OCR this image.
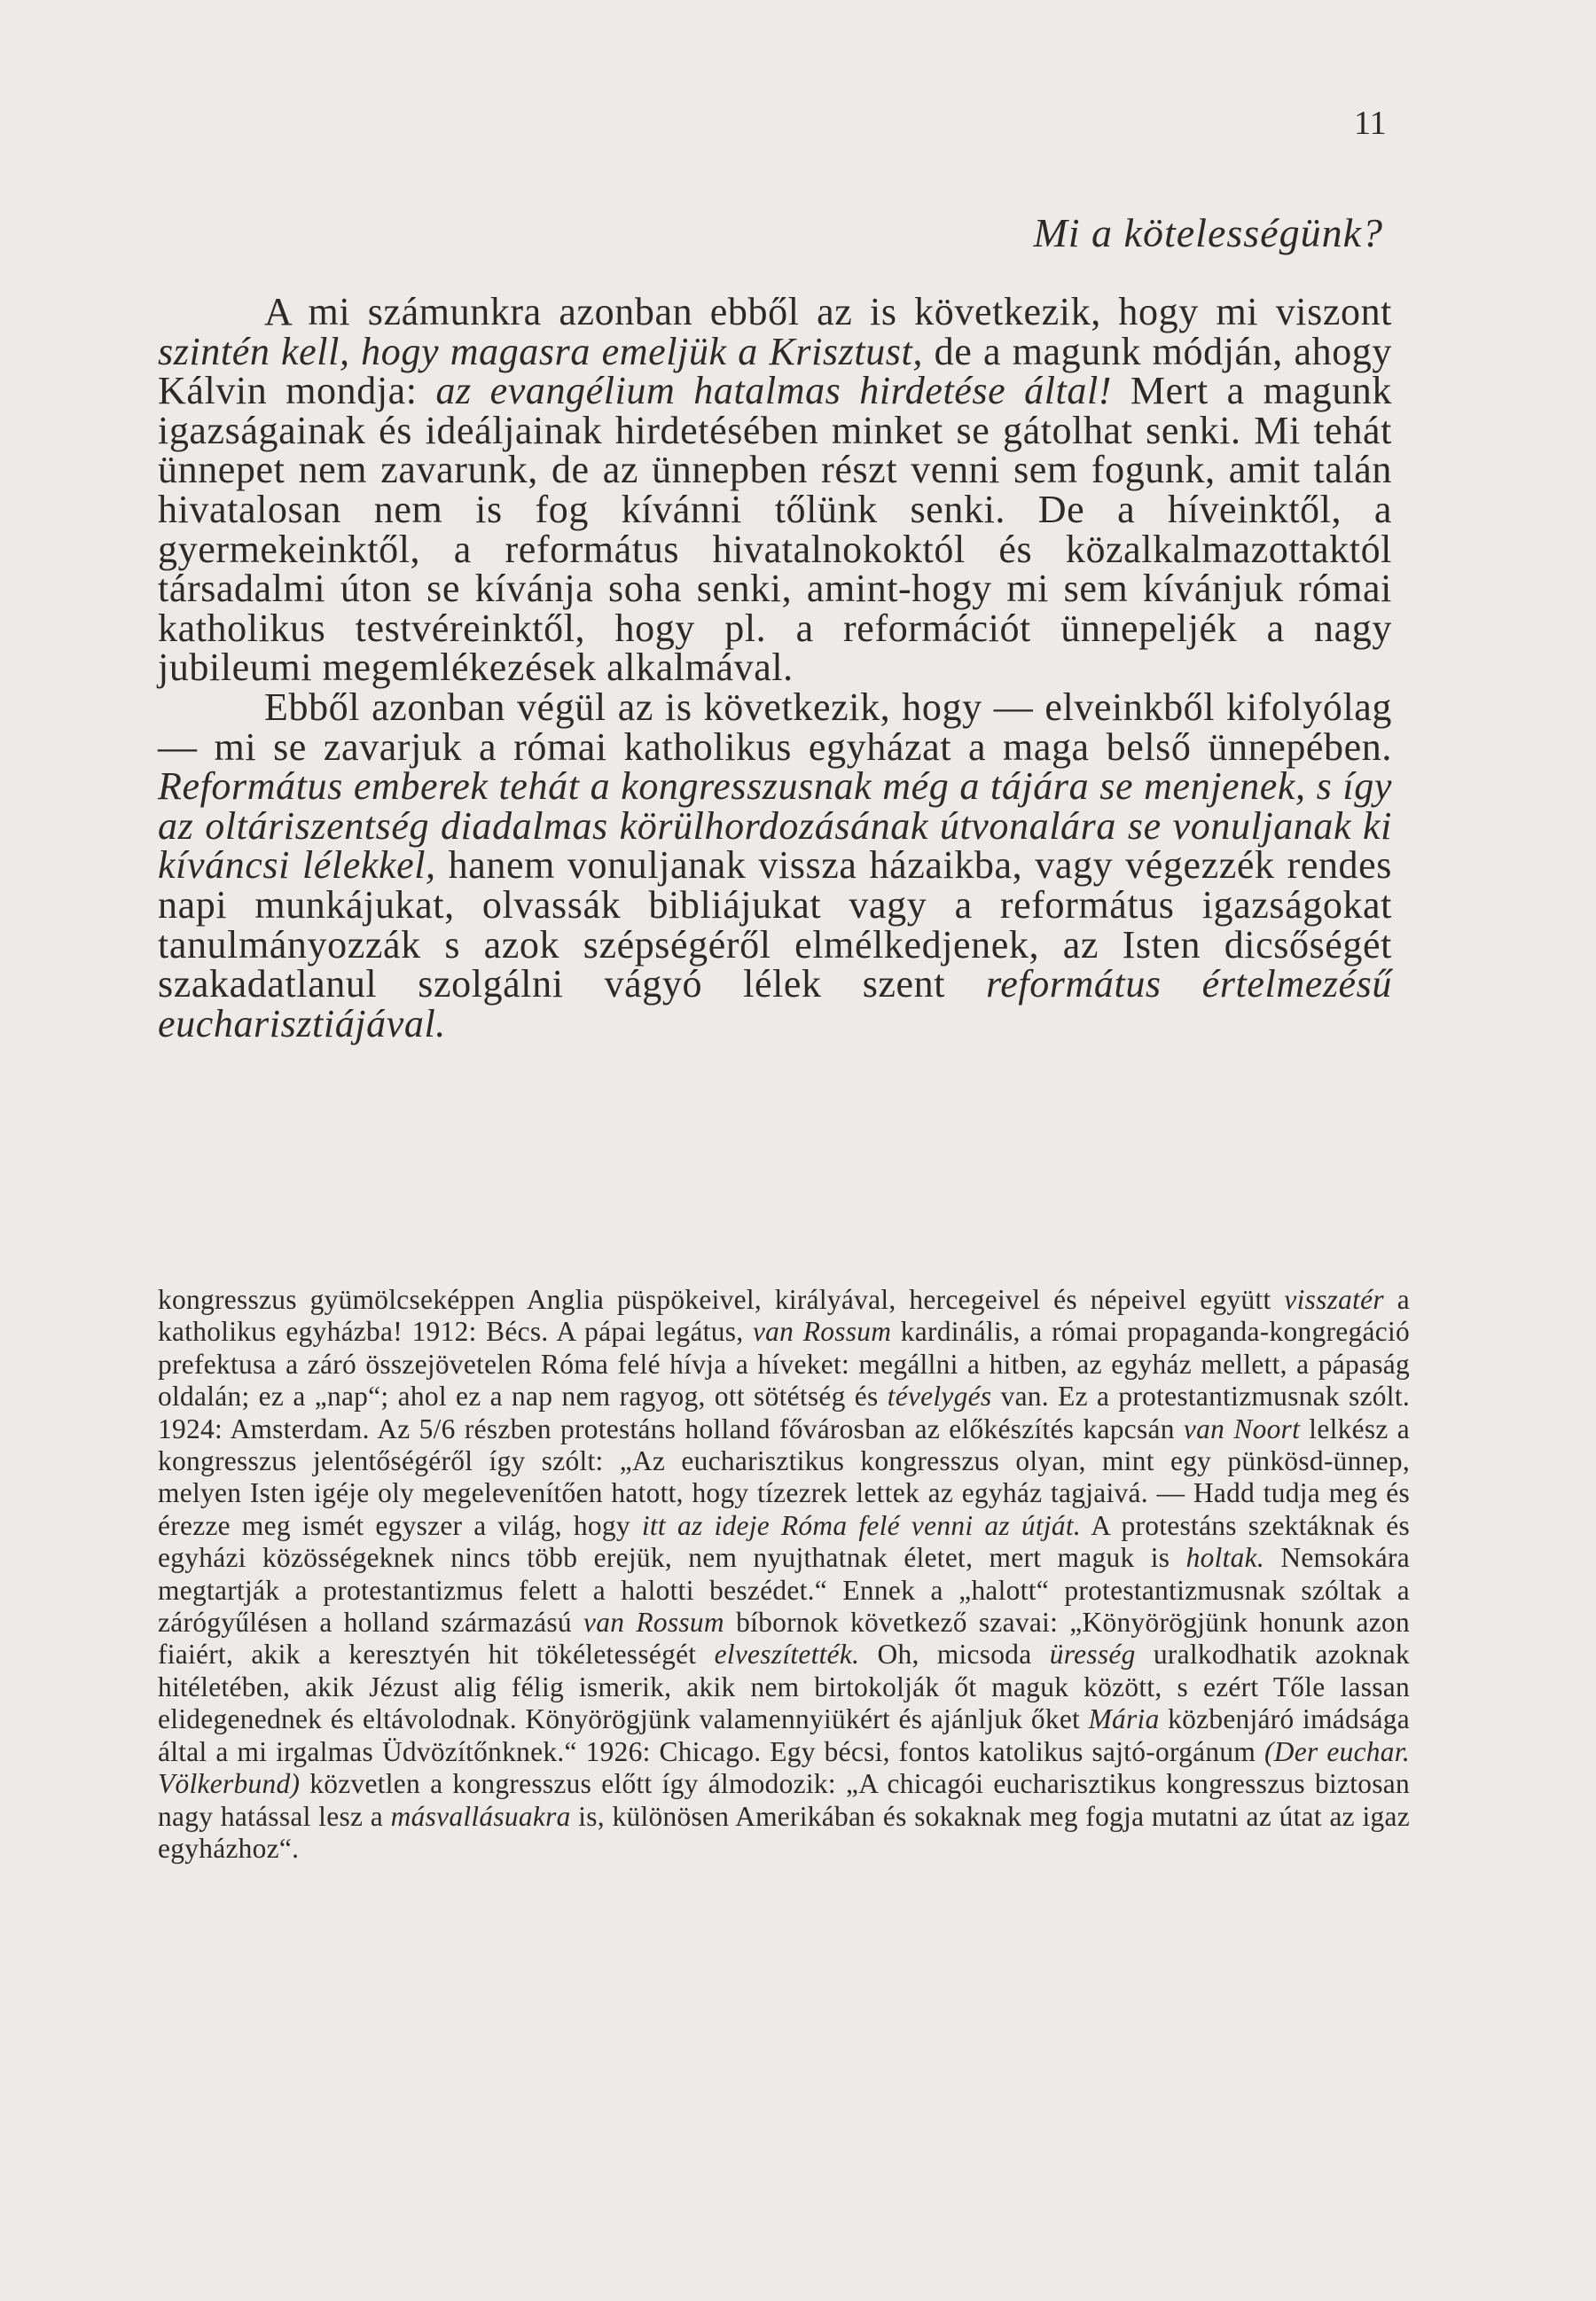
11
Mi a kötelességünk?

A mi számunkra azonban ebből az is következik, hogy mi viszont szintén kell, hogy magasra emeljük a Krisztust, de a magunk módján, ahogy Kálvin mondja: az evangélium hatalmas hirdetése által! Mert a magunk igazságainak és ideáljainak hirdetésében minket se gátolhat senki. Mi tehát ünnepet nem zavarunk, de az ünnepben részt venni sem fogunk, amit talán hivatalosan nem is fog kívánni tőlünk senki. De a híveinktől, a gyermekeinktől, a református hivatalnokoktól és közalkalmazottaktól társadalmi úton se kívánja soha senki, amint-hogy mi sem kívánjuk római katholikus testvéreinktől, hogy pl. a reformációt ünnepeljék a nagy jubileumi megemlékezések alkalmával.

Ebből azonban végül az is következik, hogy — elveinkből kifolyólag — mi se zavarjuk a római katholikus egyházat a maga belső ünnepében. Református emberek tehát a kongresszusnak még a tájára se menjenek, s így az oltáriszentség diadalmas körülhordozásának útvonalára se vonuljanak ki kíváncsi lélekkel, hanem vonuljanak vissza házaikba, vagy végezzék rendes napi munkájukat, olvassák bibliájukat vagy a református igazságokat tanulmányozzák s azok szépségéről elmélkedjenek, az Isten dicsőségét szakadatlanul szolgálni vágyó lélek szent református értelmezésű eucharisztiájával.

kongresszus gyümölcseképpen Anglia püspökeivel, királyával, hercegeivel és népeivel együtt visszatér a katholikus egyházba! 1912: Bécs. A pápai legátus, van Rossum kardinális, a római propaganda-kongregáció prefektusa a záró összejövetelen Róma felé hívja a híveket: megállni a hitben, az egyház mellett, a pápaság oldalán; ez a „nap“; ahol ez a nap nem ragyog, ott sötétség és tévelygés van. Ez a protestantizmusnak szólt. 1924: Amsterdam. Az 5/6 részben protestáns holland fővárosban az előkészítés kapcsán van Noort lelkész a kongresszus jelentőségéről így szólt: „Az eucharisztikus kongresszus olyan, mint egy pünkösd-ünnep, melyen Isten igéje oly megelevenítően hatott, hogy tízezrek lettek az egyház tagjaivá. — Hadd tudja meg és érezze meg ismét egyszer a világ, hogy itt az ideje Róma felé venni az útját. A protestáns szektáknak és egyházi közösségeknek nincs több erejük, nem nyujthatnak életet, mert maguk is holtak. Nemsokára megtartják a protestantizmus felett a halotti beszédet.“ Ennek a „halott“ protestantizmusnak szóltak a zárógyűlésen a holland származású van Rossum bíbornok következő szavai: „Könyörögjünk honunk azon fiaiért, akik a keresztyén hit tökéletességét elveszítették. Oh, micsoda üresség uralkodhatik azoknak hitéletében, akik Jézust alig félig ismerik, akik nem birtokolják őt maguk között, s ezért Tőle lassan elidegenednek és eltávolodnak. Könyörögjünk valamennyiükért és ajánljuk őket Mária közbenjáró imádsága által a mi irgalmas Üdvözítőnknek.“ 1926: Chicago. Egy bécsi, fontos katolikus sajtó-orgánum (Der euchar. Völkerbund) közvetlen a kongresszus előtt így álmodozik: „A chicagói eucharisztikus kongresszus biztosan nagy hatással lesz a másvallásuakra is, különösen Amerikában és sokaknak meg fogja mutatni az útat az igaz egyházhoz“.
